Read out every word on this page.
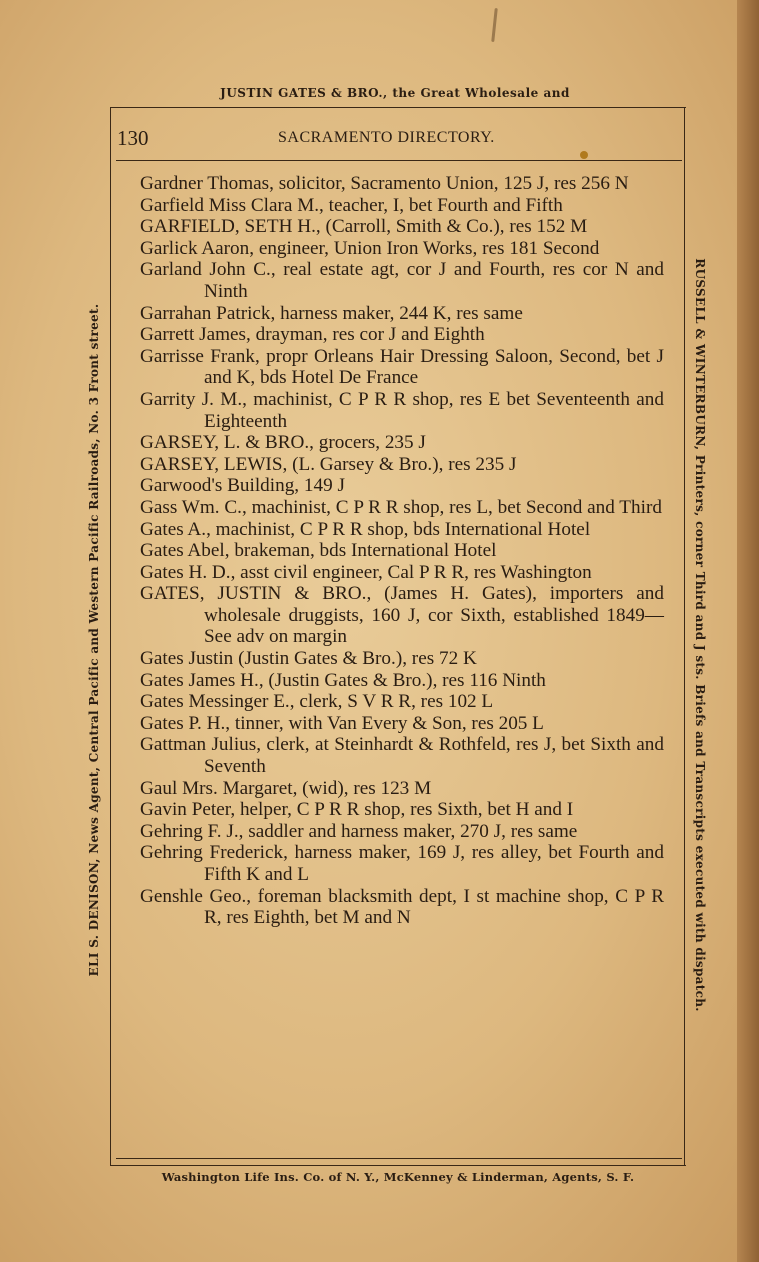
JUSTIN GATES & BRO., the Great Wholesale and
130	SACRAMENTO DIRECTORY.

Gardner Thomas, solicitor, Sacramento Union, 125 J, res 256 N

Garfield Miss Clara M., teacher, I, bet Fourth and Fifth

GARFIELD, SETH H., (Carroll, Smith & Co.), res 152 M

Garlick Aaron, engineer, Union Iron Works, res 181 Second

Garland John C., real estate agt, cor J and Fourth, res cor N and Ninth

Garrahan Patrick, harness maker, 244 K, res same

Garrett James, drayman, res cor J and Eighth

Garrisse Frank, propr Orleans Hair Dressing Saloon, Second, bet J and K, bds Hotel De France

Garrity J. M., machinist, C P R R shop, res E bet Seventeenth and Eighteenth

GARSEY, L. & BRO., grocers, 235 J

GARSEY, LEWIS, (L. Garsey & Bro.), res 235 J

Garwood's Building, 149 J

Gass Wm. C., machinist, C P R R shop, res L, bet Second and Third

Gates A., machinist, C P R R shop, bds International Hotel

Gates Abel, brakeman, bds International Hotel

Gates H. D., asst civil engineer, Cal P R R, res Washington

GATES, JUSTIN & BRO., (James H. Gates), importers and wholesale druggists, 160 J, cor Sixth, established 1849—See adv on margin

Gates Justin (Justin Gates & Bro.), res 72 K

Gates James H., (Justin Gates & Bro.), res 116 Ninth

Gates Messinger E., clerk, S V R R, res 102 L

Gates P. H., tinner, with Van Every & Son, res 205 L

Gattman Julius, clerk, at Steinhardt & Rothfeld, res J, bet Sixth and Seventh

Gaul Mrs. Margaret, (wid), res 123 M

Gavin Peter, helper, C P R R shop, res Sixth, bet H and I

Gehring F. J., saddler and harness maker, 270 J, res same

Gehring Frederick, harness maker, 169 J, res alley, bet Fourth and Fifth K and L

Genshle Geo., foreman blacksmith dept, I st machine shop, C P R R, res Eighth, bet M and N

ELI S. DENISON, News Agent, Central Pacific and Western Pacific Railroads, No. 3 Front street.	RUSSELL & WINTERBURN, Printers, corner Third and J sts. Briefs and Transcripts executed with dispatch.
Washington Life Ins. Co. of N. Y., McKenney & Linderman, Agents, S. F.
